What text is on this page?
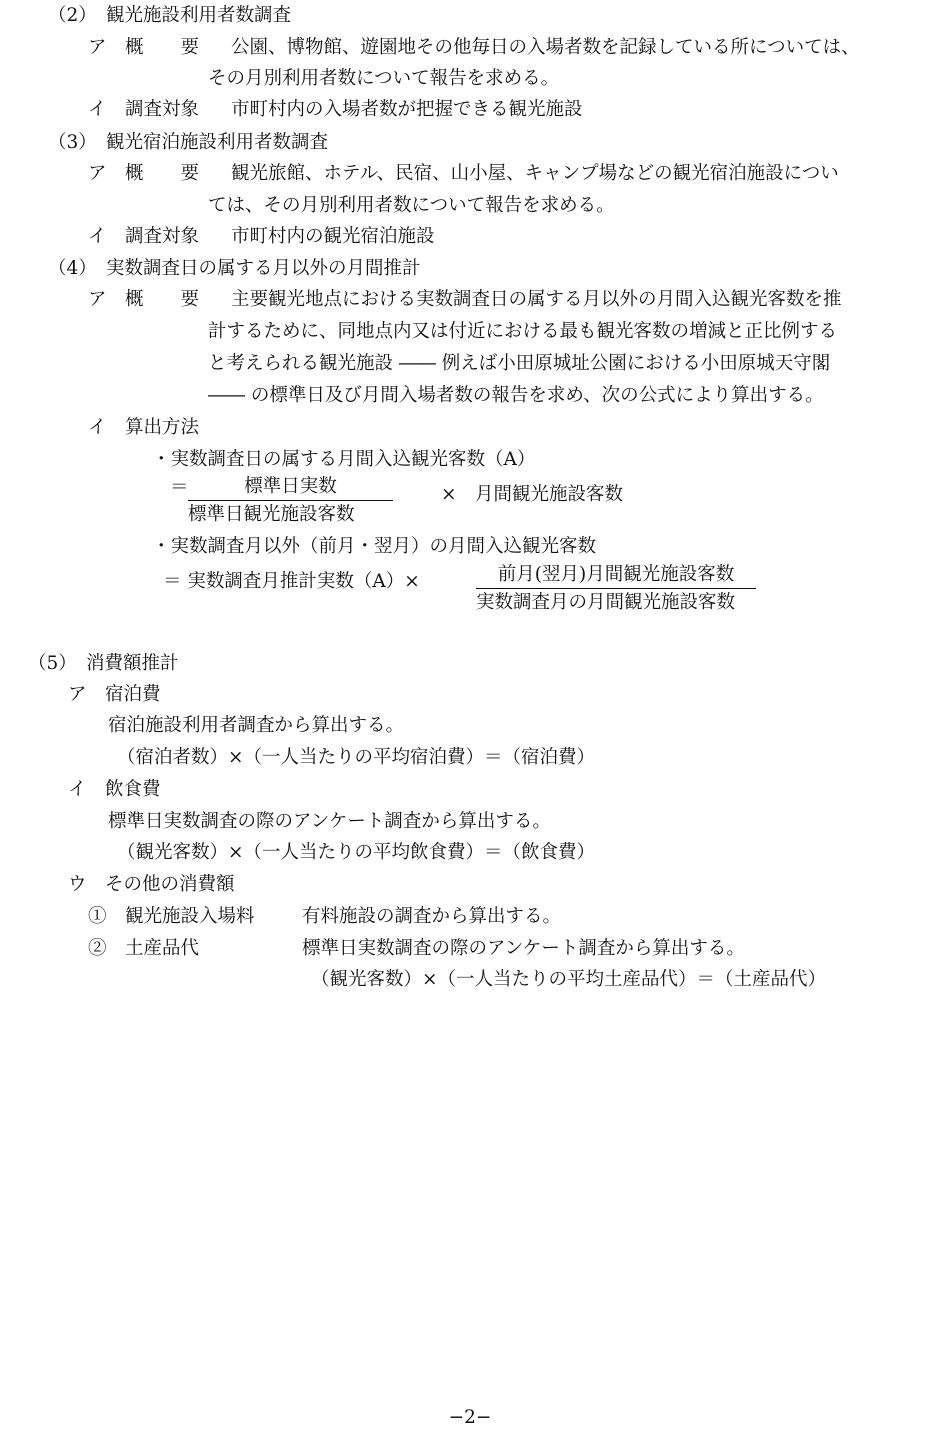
（2）　観光施設利用者数調査
ア　概　　要 公園、博物館、遊園地その他毎日の入場者数を記録している所については、
その月別利用者数について報告を求める。
イ　調査対象 市町村内の入場者数が把握できる観光施設
（3）　観光宿泊施設利用者数調査
ア　概　　要 観光旅館、ホテル、民宿、山小屋、キャンプ場などの観光宿泊施設につい
ては、その月別利用者数について報告を求める。
イ　調査対象 市町村内の観光宿泊施設
（4）　実数調査日の属する月以外の月間推計
ア　概　　要 主要観光地点における実数調査日の属する月以外の月間入込観光客数を推
計するために、同地点内又は付近における最も観光客数の増減と正比例する
と考えられる観光施設 ―― 例えば小田原城址公園における小田原城天守閣
―― の標準日及び月間入場者数の報告を求め、次の公式により算出する。
イ　算出方法
・実数調査日の属する月間入込観光客数（A）
＝	標準日実数
標準日観光施設客数
×　月間観光施設客数
・実数調査月以外（前月・翌月）の月間入込観光客数
＝ 実数調査月推計実数（A）×	前月(翌月)月間観光施設客数
実数調査月の月間観光施設客数
（5）　消費額推計
ア　宿泊費
宿泊施設利用者調査から算出する。
（宿泊者数）×（一人当たりの平均宿泊費）＝（宿泊費）
イ　飲食費
標準日実数調査の際のアンケート調査から算出する。
（観光客数）×（一人当たりの平均飲食費）＝（飲食費）
ウ　その他の消費額
①　観光施設入場料	有料施設の調査から算出する。
②　土産品代	標準日実数調査の際のアンケート調査から算出する。
（観光客数）×（一人当たりの平均土産品代）＝（土産品代）
−2−
